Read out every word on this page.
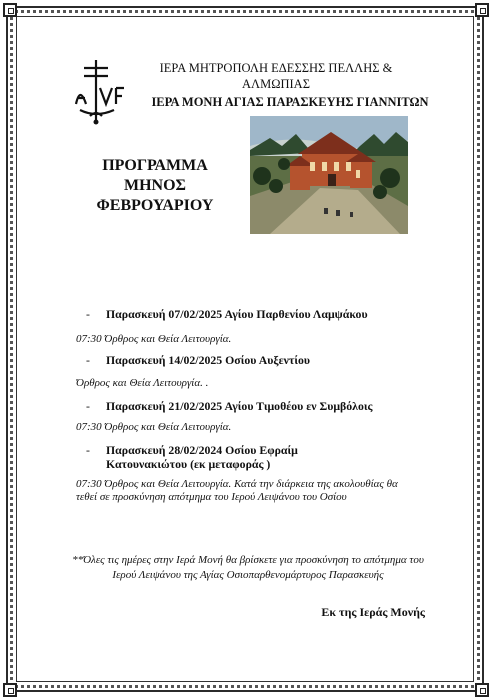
ΙΕΡΑ ΜΗΤΡΟΠΟΛΗ ΕΔΕΣΣΗΣ ΠΕΛΛΗΣ & ΑΛΜΩΠΙΑΣ
ΙΕΡΑ ΜΟΝΗ ΑΓΙΑΣ ΠΑΡΑΣΚΕΥΗΣ ΓΙΑΝΝΙΤΩΝ
ΠΡΟΓΡΑΜΜΑ
ΜΗΝΟΣ
ΦΕΒΡΟΥΑΡΙΟΥ
- Παρασκευή 07/02/2025 Αγίου Παρθενίου Λαμψάκου
07:30 Όρθρος και Θεία Λειτουργία.
- Παρασκευή 14/02/2025 Οσίου Αυξεντίου
Όρθρος και Θεία Λειτουργία. .
- Παρασκευή 21/02/2025 Αγίου Τιμοθέου εν Συμβόλοις
07:30 Όρθρος και Θεία Λειτουργία.
- Παρασκευή 28/02/2024 Οσίου Εφραίμ Κατουνακιώτου (εκ μεταφοράς )
07:30 Όρθρος και Θεία Λειτουργία. Κατά την διάρκεια της ακολουθίας θα τεθεί σε προσκύνηση απότμημα του Ιερού Λειψάνου του Οσίου
**Όλες τις ημέρες στην Ιερά Μονή θα βρίσκετε για προσκύνηση το απότμημα του Ιερού Λειψάνου της Αγίας Οσιοπαρθενομάρτυρος Παρασκευής
Εκ της Ιεράς Μονής
